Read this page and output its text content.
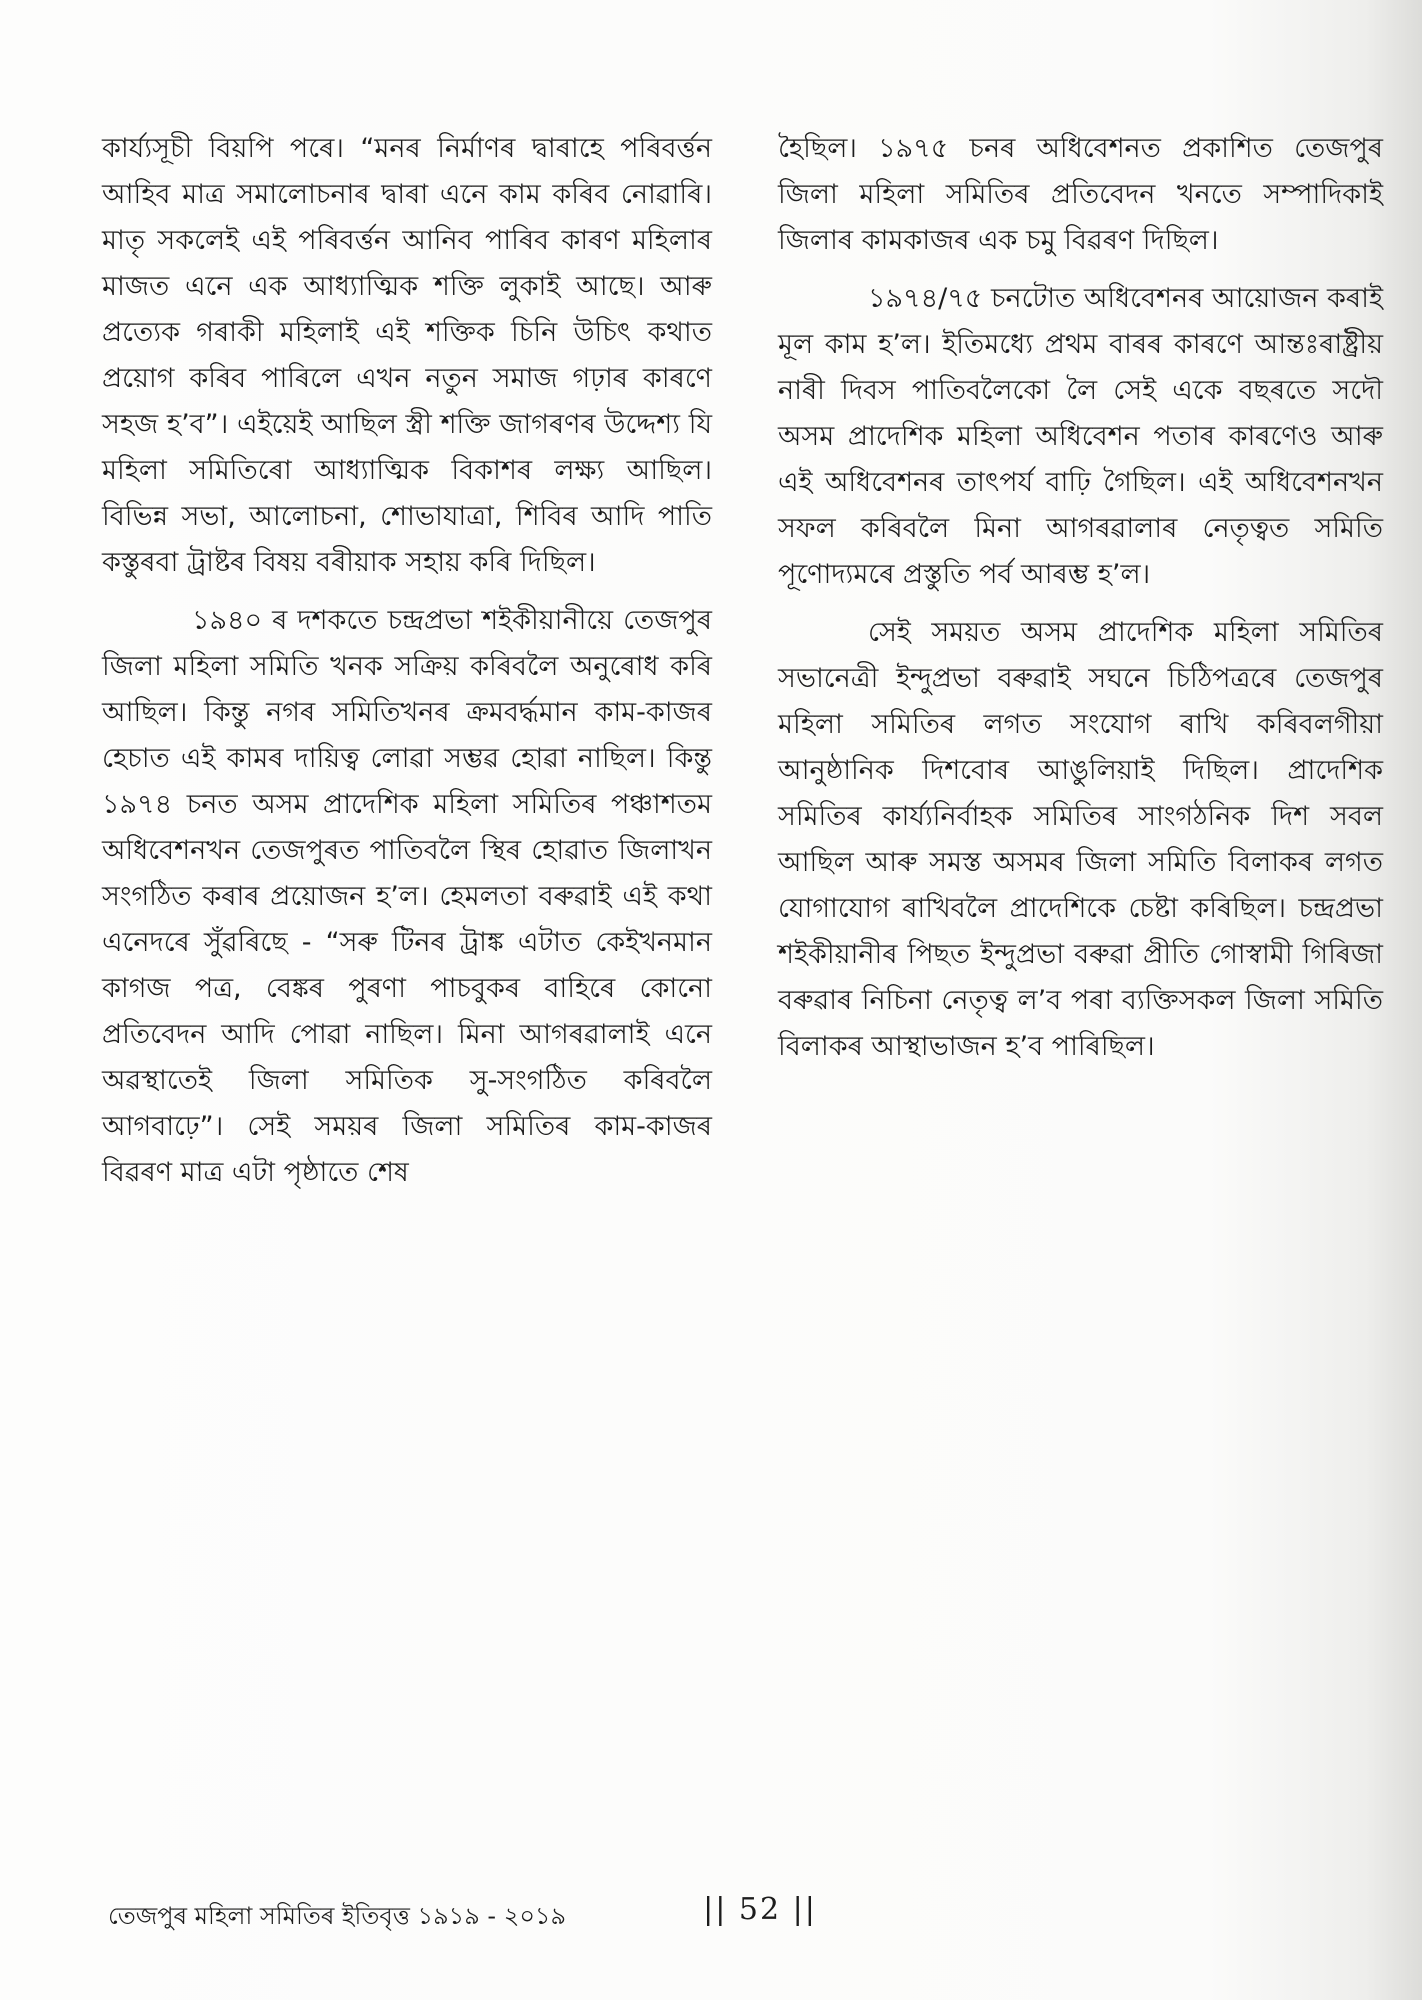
কাৰ্য্যসূচী বিয়পি পৰে। “মনৰ নিৰ্মাণৰ দ্বাৰাহে পৰিবৰ্ত্তন আহিব মাত্ৰ সমালোচনাৰ দ্বাৰা এনে কাম কৰিব নোৱাৰি। মাতৃ সকলেই এই পৰিবৰ্ত্তন আনিব পাৰিব কাৰণ মহিলাৰ মাজত এনে এক আধ্যাত্মিক শক্তি লুকাই আছে। আৰু প্ৰত্যেক গৰাকী মহিলাই এই শক্তিক চিনি উচিৎ কথাত প্ৰয়োগ কৰিব পাৰিলে এখন নতুন সমাজ গঢ়াৰ কাৰণে সহজ হ’ব”। এইয়েই আছিল স্ত্ৰী শক্তি জাগৰণৰ উদ্দেশ্য যি মহিলা সমিতিৰো আধ্যাত্মিক বিকাশৰ লক্ষ্য আছিল। বিভিন্ন সভা, আলোচনা, শোভাযাত্ৰা, শিবিৰ আদি পাতি কস্তুৰবা ট্ৰাষ্টৰ বিষয় বৰীয়াক সহায় কৰি দিছিল।

১৯৪০ ৰ দশকতে চন্দ্ৰপ্ৰভা শইকীয়ানীয়ে তেজপুৰ জিলা মহিলা সমিতি খনক সক্ৰিয় কৰিবলৈ অনুৰোধ কৰি আছিল। কিন্তু নগৰ সমিতিখনৰ ক্ৰমবৰ্দ্ধমান কাম-কাজৰ হেচাত এই কামৰ দায়িত্ব লোৱা সম্ভৱ হোৱা নাছিল। কিন্তু ১৯৭৪ চনত অসম প্ৰাদেশিক মহিলা সমিতিৰ পঞ্চাশতম অধিবেশনখন তেজপুৰত পাতিবলৈ স্থিৰ হোৱাত জিলাখন সংগঠিত কৰাৰ প্ৰয়োজন হ’ল। হেমলতা বৰুৱাই এই কথা এনেদৰে সুঁৱৰিছে - “সৰু টিনৰ ট্ৰাঙ্ক এটাত কেইখনমান কাগজ পত্ৰ, বেঙ্কৰ পুৰণা পাচবুকৰ বাহিৰে কোনো প্ৰতিবেদন আদি পোৱা নাছিল। মিনা আগৰৱালাই এনে অৱস্থাতেই জিলা সমিতিক সু-সংগঠিত কৰিবলৈ আগবাঢ়ে”। সেই সময়ৰ জিলা সমিতিৰ কাম-কাজৰ বিৱৰণ মাত্ৰ এটা পৃষ্ঠাতে শেষ

হৈছিল। ১৯৭৫ চনৰ অধিবেশনত প্ৰকাশিত তেজপুৰ জিলা মহিলা সমিতিৰ প্ৰতিবেদন খনতে সম্পাদিকাই জিলাৰ কামকাজৰ এক চমু বিৱৰণ দিছিল।

১৯৭৪/৭৫ চনটোত অধিবেশনৰ আয়োজন কৰাই মূল কাম হ’ল। ইতিমধ্যে প্ৰথম বাৰৰ কাৰণে আন্তঃৰাষ্ট্ৰীয় নাৰী দিবস পাতিবলৈকো লৈ সেই একে বছৰতে সদৌ অসম প্ৰাদেশিক মহিলা অধিবেশন পতাৰ কাৰণেও আৰু এই অধিবেশনৰ তাৎপৰ্য বাঢ়ি গৈছিল। এই অধিবেশনখন সফল কৰিবলৈ মিনা আগৰৱালাৰ নেতৃত্বত সমিতি পূণোদ্যমৰে প্ৰস্তুতি পৰ্ব আৰম্ভ হ’ল।

সেই সময়ত অসম প্ৰাদেশিক মহিলা সমিতিৰ সভানেত্ৰী ইন্দুপ্ৰভা বৰুৱাই সঘনে চিঠিপত্ৰৰে তেজপুৰ মহিলা সমিতিৰ লগত সংযোগ ৰাখি কৰিবলগীয়া আনুষ্ঠানিক দিশবোৰ আঙুলিয়াই দিছিল। প্ৰাদেশিক সমিতিৰ কাৰ্য্যনিৰ্বাহক সমিতিৰ সাংগঠনিক দিশ সবল আছিল আৰু সমস্ত অসমৰ জিলা সমিতি বিলাকৰ লগত যোগাযোগ ৰাখিবলৈ প্ৰাদেশিকে চেষ্টা কৰিছিল। চন্দ্ৰপ্ৰভা শইকীয়ানীৰ পিছত ইন্দুপ্ৰভা বৰুৱা প্ৰীতি গোস্বামী গিৰিজা বৰুৱাৰ নিচিনা নেতৃত্ব ল’ব পৰা ব্যক্তিসকল জিলা সমিতি বিলাকৰ আস্থাভাজন হ’ব পাৰিছিল।

তেজপুৰ মহিলা সমিতিৰ ইতিবৃত্ত ১৯১৯ - ২০১৯	|| 52 ||
